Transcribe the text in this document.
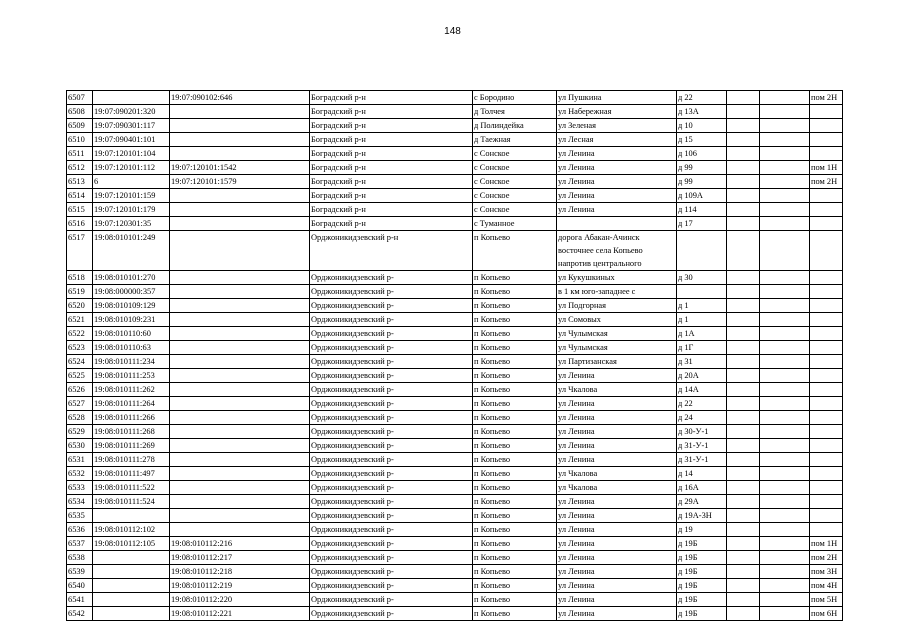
148
6507		19:07:090102:646	Боградский р-н	с Бородино	ул Пушкина	д 22			пом 2Н
6508	19:07:090201:320		Боградский р-н	д Толчея	ул Набережная	д 13А			
6509	19:07:090301:117		Боградский р-н	д Полиндейка	ул Зеленая	д 10			
6510	19:07:090401:101		Боградский р-н	д Таежная	ул Лесная	д 15			
6511	19:07:120101:104		Боградский р-н	с Сонское	ул Ленина	д 106			
6512	19:07:120101:112	19:07:120101:1542	Боградский р-н	с Сонское	ул Ленина	д 99			пом 1Н
6513	6	19:07:120101:1579	Боградский р-н	с Сонское	ул Ленина	д 99			пом 2Н
6514	19:07:120101:159		Боградский р-н	с Сонское	ул Ленина	д 109А			
6515	19:07:120101:179		Боградский р-н	с Сонское	ул Ленина	д 114			
6516	19:07:120301:35		Боградский р-н	с Туманное		д 17			
6517	19:08:010101:249		Орджоникидзевский р-н	п Копьево	дорога Абакан-Ачинск восточнее села Копьево напротив центрального				
6518	19:08:010101:270		Орджоникидзевский р-	п Копьево	ул Кукушкиных	д 30			
6519	19:08:000000:357		Орджоникидзевский р-	п Копьево	в 1 км юго-западнее с				
6520	19:08:010109:129		Орджоникидзевский р-	п Копьево	ул Подгорная	д 1			
6521	19:08:010109:231		Орджоникидзевский р-	п Копьево	ул Сомовых	д 1			
6522	19:08:010110:60		Орджоникидзевский р-	п Копьево	ул Чулымская	д 1А			
6523	19:08:010110:63		Орджоникидзевский р-	п Копьево	ул Чулымская	д 1Г			
6524	19:08:010111:234		Орджоникидзевский р-	п Копьево	ул Партизанская	д 31			
6525	19:08:010111:253		Орджоникидзевский р-	п Копьево	ул Ленина	д 20А			
6526	19:08:010111:262		Орджоникидзевский р-	п Копьево	ул Чкалова	д 14А			
6527	19:08:010111:264		Орджоникидзевский р-	п Копьево	ул Ленина	д 22			
6528	19:08:010111:266		Орджоникидзевский р-	п Копьево	ул Ленина	д 24			
6529	19:08:010111:268		Орджоникидзевский р-	п Копьево	ул Ленина	д 30-У-1			
6530	19:08:010111:269		Орджоникидзевский р-	п Копьево	ул Ленина	д 31-У-1			
6531	19:08:010111:278		Орджоникидзевский р-	п Копьево	ул Ленина	д 31-У-1			
6532	19:08:010111:497		Орджоникидзевский р-	п Копьево	ул Чкалова	д 14			
6533	19:08:010111:522		Орджоникидзевский р-	п Копьево	ул Чкалова	д 16А			
6534	19:08:010111:524		Орджоникидзевский р-	п Копьево	ул Ленина	д 29А			
6535			Орджоникидзевский р-	п Копьево	ул Ленина	д 19А-3Н			
6536	19:08:010112:102		Орджоникидзевский р-	п Копьево	ул Ленина	д 19			
6537	19:08:010112:105	19:08:010112:216	Орджоникидзевский р-	п Копьево	ул Ленина	д 19Б			пом 1Н
6538		19:08:010112:217	Орджоникидзевский р-	п Копьево	ул Ленина	д 19Б			пом 2Н
6539		19:08:010112:218	Орджоникидзевский р-	п Копьево	ул Ленина	д 19Б			пом 3Н
6540		19:08:010112:219	Орджоникидзевский р-	п Копьево	ул Ленина	д 19Б			пом 4Н
6541		19:08:010112:220	Орджоникидзевский р-	п Копьево	ул Ленина	д 19Б			пом 5Н
6542		19:08:010112:221	Орджоникидзевский р-	п Копьево	ул Ленина	д 19Б			пом 6Н
